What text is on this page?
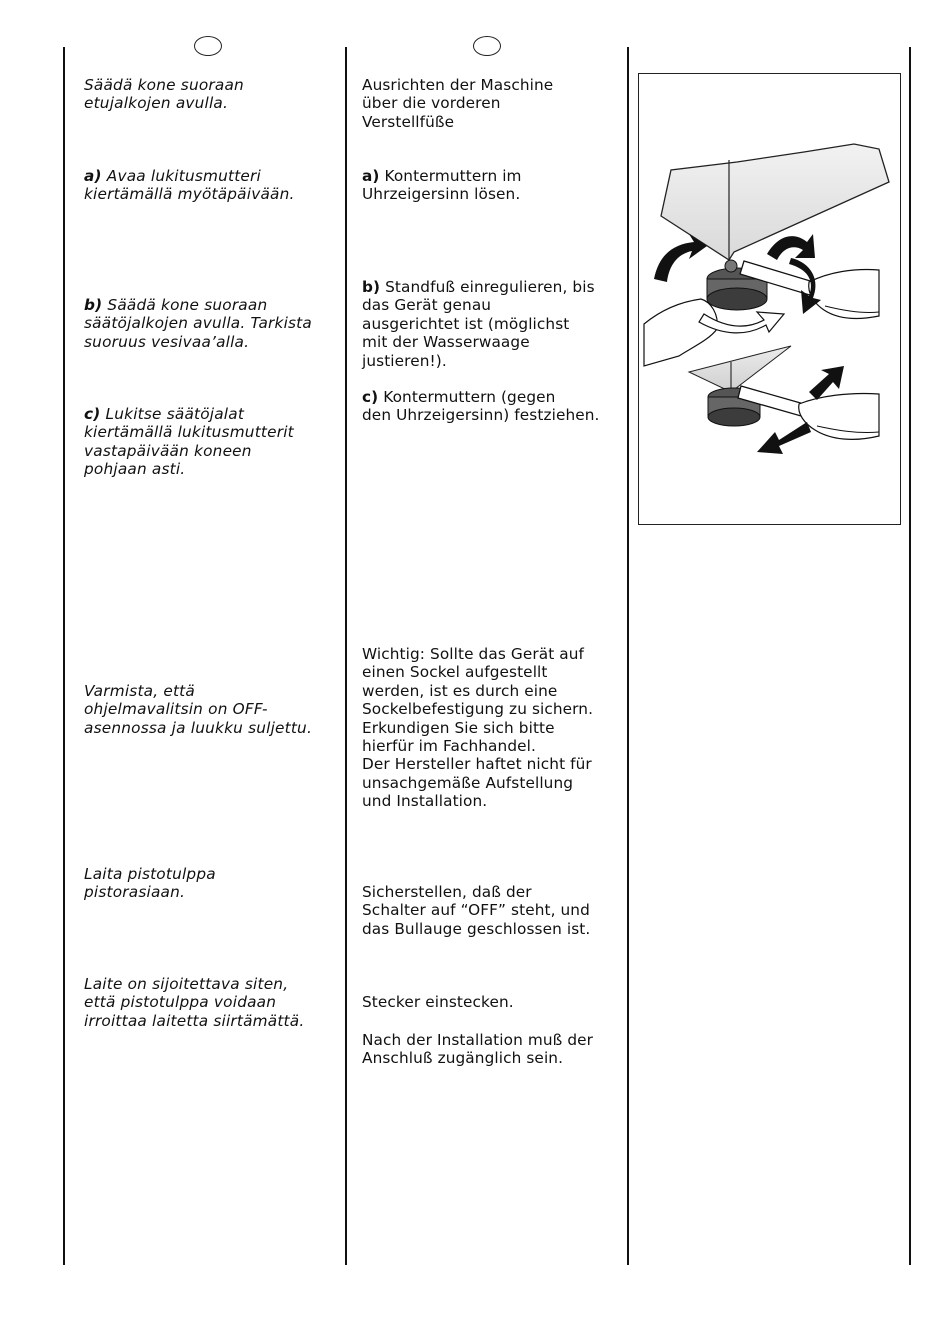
Säädä kone suoraan
etujalkojen avulla.
a) Avaa lukitusmutteri
kiertämällä myötäpäivään.
b) Säädä kone suoraan
säätöjalkojen avulla. Tarkista
suoruus vesivaa’alla.
c) Lukitse säätöjalat
kiertämällä lukitusmutterit
vastapäivään koneen
pohjaan asti.
Varmista, että
ohjelmavalitsin on OFF-
asennossa ja luukku suljettu.
Laita pistotulppa
pistorasiaan.
Laite on sijoitettava siten,
että pistotulppa voidaan
irroittaa laitetta siirtämättä.
Ausrichten der Maschine
über die vorderen
Verstellfüße
a) Kontermuttern im
Uhrzeigersinn lösen.
b) Standfuß einregulieren, bis
das Gerät genau
ausgerichtet ist (möglichst
mit der Wasserwaage
justieren!).
c) Kontermuttern (gegen
den Uhrzeigersinn) festziehen.
Wichtig: Sollte das Gerät auf
einen Sockel aufgestellt
werden, ist es durch eine
Sockelbefestigung zu sichern.
Erkundigen Sie sich bitte
hierfür im Fachhandel.
Der Hersteller haftet nicht für
unsachgemäße Aufstellung
und Installation.
Sicherstellen, daß der
Schalter auf “OFF” steht, und
das Bullauge geschlossen ist.
Stecker einstecken.
Nach der Installation muß der
Anschluß zugänglich sein.
